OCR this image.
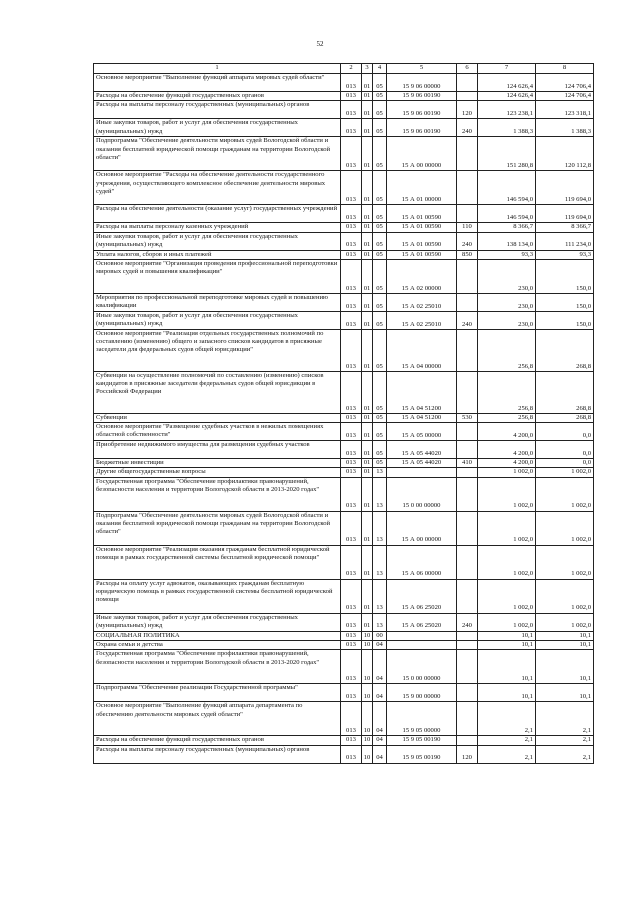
52
1	2	3	4	5	6	7	8
Основное мероприятие "Выполнение функций аппарата мировых судей области"	013	01	05	15 9 06 00000		124 626,4	124 706,4
Расходы на обеспечение функций государственных органов	013	01	05	15 9 06 00190		124 626,4	124 706,4
Расходы на выплаты персоналу государственных (муниципальных) органов	013	01	05	15 9 06 00190	120	123 238,1	123 318,1
Иные закупки товаров, работ и услуг для обеспечения государственных (муниципальных) нужд	013	01	05	15 9 06 00190	240	1 388,3	1 388,3
Подпрограмма "Обеспечение деятельности мировых судей Вологодской области и оказания бесплатной юридической помощи гражданам на территории Вологодской области"	013	01	05	15 А 00 00000		151 280,8	120 112,8
Основное мероприятие "Расходы на обеспечение деятельности государственного учреждения, осуществляющего комплексное обеспечение деятельности мировых судей"	013	01	05	15 А 01 00000		146 594,0	119 694,0
Расходы на обеспечение деятельности (оказание услуг) государственных учреждений	013	01	05	15 А 01 00590		146 594,0	119 694,0
Расходы на выплаты персоналу казенных учреждений	013	01	05	15 А 01 00590	110	8 366,7	8 366,7
Иные закупки товаров, работ и услуг для обеспечения государственных (муниципальных) нужд	013	01	05	15 А 01 00590	240	138 134,0	111 234,0
Уплата налогов, сборов и иных платежей	013	01	05	15 А 01 00590	850	93,3	93,3
Основное мероприятие "Организация проведения профессиональной переподготовки мировых судей и повышения квалификации"	013	01	05	15 А 02 00000		230,0	150,0
Мероприятия по профессиональной переподготовке мировых судей и повышению квалификации	013	01	05	15 А 02 25010		230,0	150,0
Иные закупки товаров, работ и услуг для обеспечения государственных (муниципальных) нужд	013	01	05	15 А 02 25010	240	230,0	150,0
Основное мероприятие "Реализация отдельных государственных полномочий по составлению (изменению) общего и запасного списков кандидатов в присяжные заседатели для федеральных судов общей юрисдикции"	013	01	05	15 А 04 00000		256,8	268,8
Субвенции на осуществление полномочий по составлению (изменению) списков кандидатов в присяжные заседатели федеральных судов общей юрисдикции в Российской Федерации	013	01	05	15 А 04 51200		256,8	268,8
Субвенции	013	01	05	15 А 04 51200	530	256,8	268,8
Основное мероприятие "Размещение судебных участков в нежилых помещениях областной собственности"	013	01	05	15 А 05 00000		4 200,0	0,0
Приобретение недвижимого имущества для размещения судебных участков	013	01	05	15 А 05 44020		4 200,0	0,0
Бюджетные инвестиции	013	01	05	15 А 05 44020	410	4 200,0	0,0
Другие общегосударственные вопросы	013	01	13			1 002,0	1 002,0
Государственная программа "Обеспечение профилактики правонарушений, безопасности населения и территории Вологодской области в 2013-2020 годах"	013	01	13	15 0 00 00000		1 002,0	1 002,0
Подпрограмма "Обеспечение деятельности мировых судей Вологодской области и оказания бесплатной юридической помощи гражданам на территории Вологодской области"	013	01	13	15 А 00 00000		1 002,0	1 002,0
Основное мероприятие "Реализация оказания гражданам бесплатной юридической помощи в рамках государственной системы бесплатной юридической помощи"	013	01	13	15 А 06 00000		1 002,0	1 002,0
Расходы на оплату услуг адвокатов, оказывающих гражданам бесплатную юридическую помощь в рамках государственной системы бесплатной юридической помощи	013	01	13	15 А 06 25020		1 002,0	1 002,0
Иные закупки товаров, работ и услуг для обеспечения государственных (муниципальных) нужд	013	01	13	15 А 06 25020	240	1 002,0	1 002,0
СОЦИАЛЬНАЯ ПОЛИТИКА	013	10	00			10,1	10,1
Охрана семьи и детства	013	10	04			10,1	10,1
Государственная программа "Обеспечение профилактики правонарушений, безопасности населения и территории Вологодской области в 2013-2020 годах"	013	10	04	15 0 00 00000		10,1	10,1
Подпрограмма "Обеспечение реализации Государственной программы"	013	10	04	15 9 00 00000		10,1	10,1
Основное мероприятие "Выполнение функций аппарата департамента по обеспечению деятельности мировых судей области"	013	10	04	15 9 05 00000		2,1	2,1
Расходы на обеспечение функций государственных органов	013	10	04	15 9 05 00190		2,1	2,1
Расходы на выплаты персоналу государственных (муниципальных) органов	013	10	04	15 9 05 00190	120	2,1	2,1
